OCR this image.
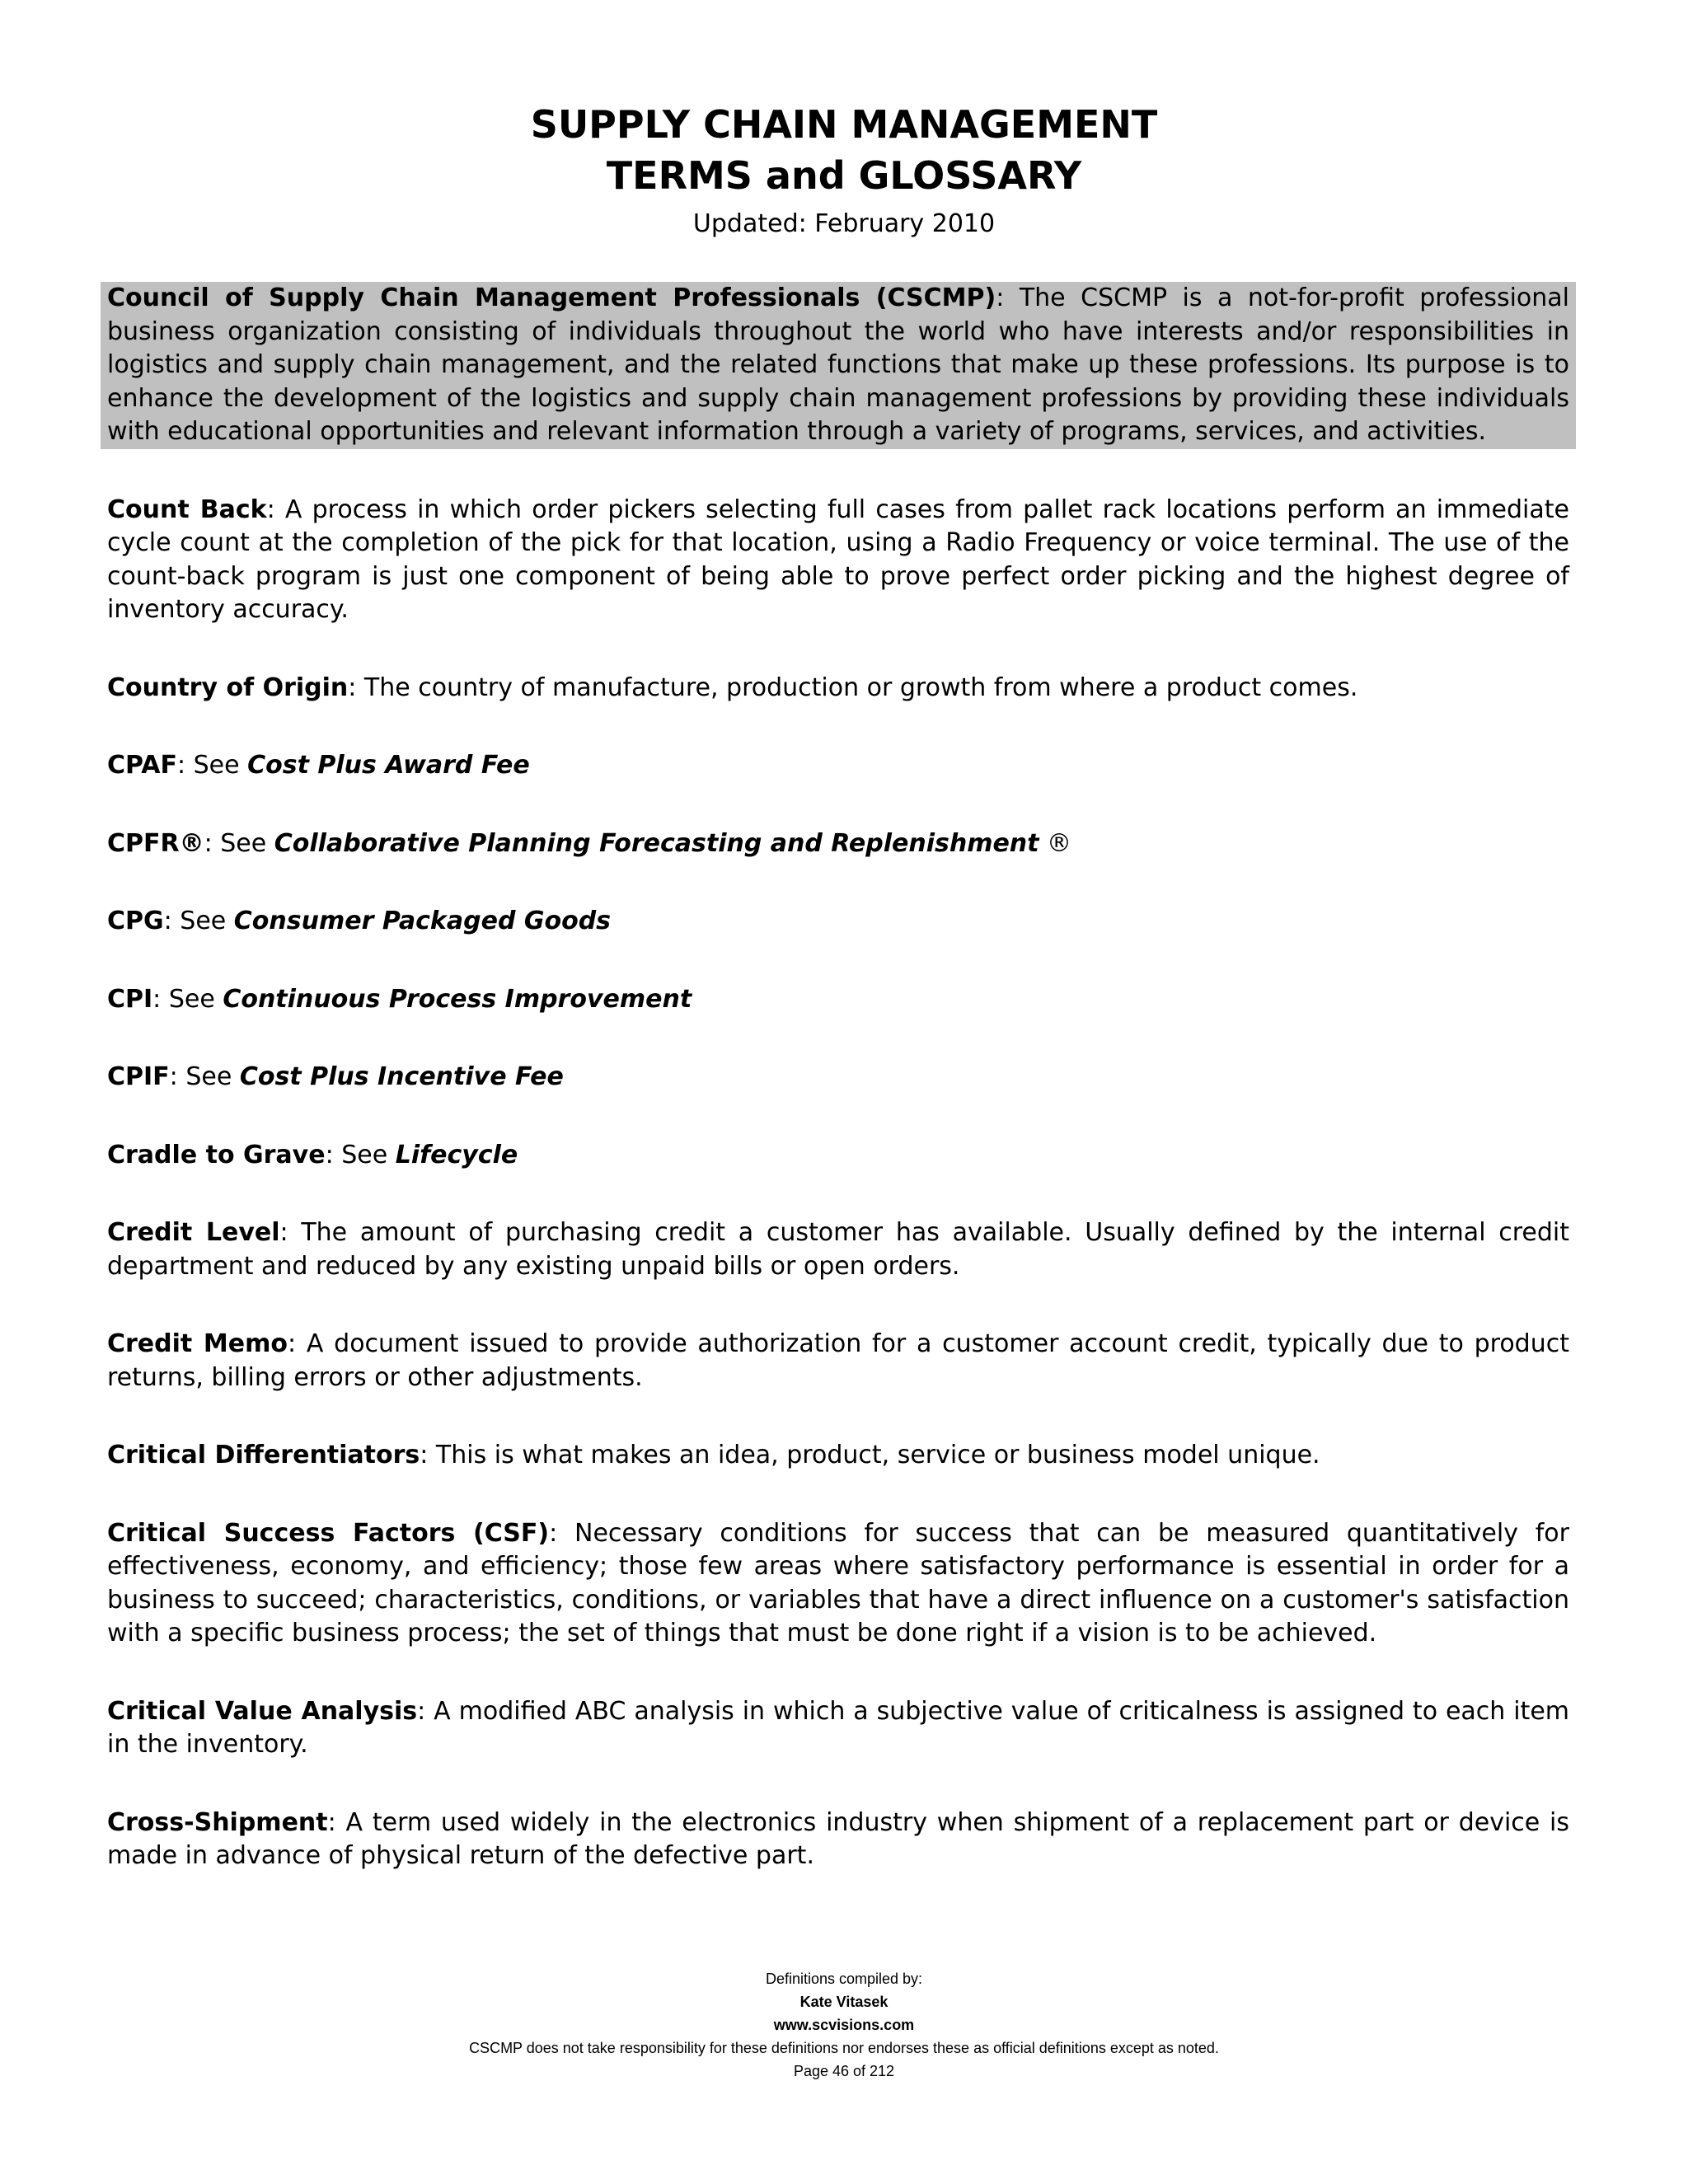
SUPPLY CHAIN MANAGEMENT
TERMS and GLOSSARY
Updated: February 2010

Council of Supply Chain Management Professionals (CSCMP): The CSCMP is a not-for-profit professional business organization consisting of individuals throughout the world who have interests and/or responsibilities in logistics and supply chain management, and the related functions that make up these professions. Its purpose is to enhance the development of the logistics and supply chain management professions by providing these individuals with educational opportunities and relevant information through a variety of programs, services, and activities.

Count Back: A process in which order pickers selecting full cases from pallet rack locations perform an immediate cycle count at the completion of the pick for that location, using a Radio Frequency or voice terminal. The use of the count-back program is just one component of being able to prove perfect order picking and the highest degree of inventory accuracy.

Country of Origin: The country of manufacture, production or growth from where a product comes.

CPAF: See Cost Plus Award Fee

CPFR®: See Collaborative Planning Forecasting and Replenishment ®

CPG: See Consumer Packaged Goods

CPI: See Continuous Process Improvement

CPIF: See Cost Plus Incentive Fee

Cradle to Grave: See Lifecycle

Credit Level: The amount of purchasing credit a customer has available. Usually defined by the internal credit department and reduced by any existing unpaid bills or open orders.

Credit Memo: A document issued to provide authorization for a customer account credit, typically due to product returns, billing errors or other adjustments.

Critical Differentiators: This is what makes an idea, product, service or business model unique.

Critical Success Factors (CSF): Necessary conditions for success that can be measured quantitatively for effectiveness, economy, and efficiency; those few areas where satisfactory performance is essential in order for a business to succeed; characteristics, conditions, or variables that have a direct influence on a customer's satisfaction with a specific business process; the set of things that must be done right if a vision is to be achieved.

Critical Value Analysis: A modified ABC analysis in which a subjective value of criticalness is assigned to each item in the inventory.

Cross-Shipment: A term used widely in the electronics industry when shipment of a replacement part or device is made in advance of physical return of the defective part.

Definitions compiled by:
Kate Vitasek
www.scvisions.com
CSCMP does not take responsibility for these definitions nor endorses these as official definitions except as noted.
Page 46 of 212
